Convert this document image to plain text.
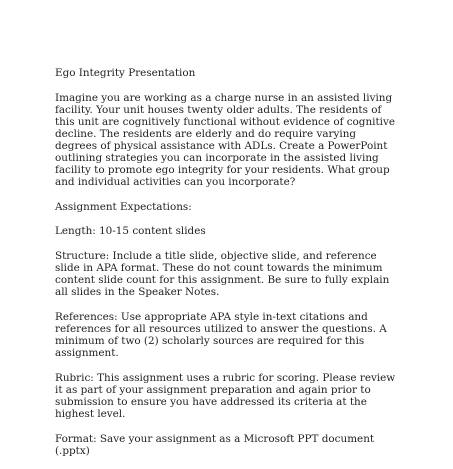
Ego Integrity Presentation

Imagine you are working as a charge nurse in an assisted living facility. Your unit houses twenty older adults. The residents of this unit are cognitively functional without evidence of cognitive decline. The residents are elderly and do require varying degrees of physical assistance with ADLs. Create a PowerPoint outlining strategies you can incorporate in the assisted living facility to promote ego integrity for your residents. What group and individual activities can you incorporate?

Assignment Expectations:

Length: 10-15 content slides

Structure: Include a title slide, objective slide, and reference slide in APA format. These do not count towards the minimum content slide count for this assignment. Be sure to fully explain all slides in the Speaker Notes.

References: Use appropriate APA style in-text citations and references for all resources utilized to answer the questions. A minimum of two (2) scholarly sources are required for this assignment.

Rubric: This assignment uses a rubric for scoring. Please review it as part of your assignment preparation and again prior to submission to ensure you have addressed its criteria at the highest level.

Format: Save your assignment as a Microsoft PPT document (.pptx)
